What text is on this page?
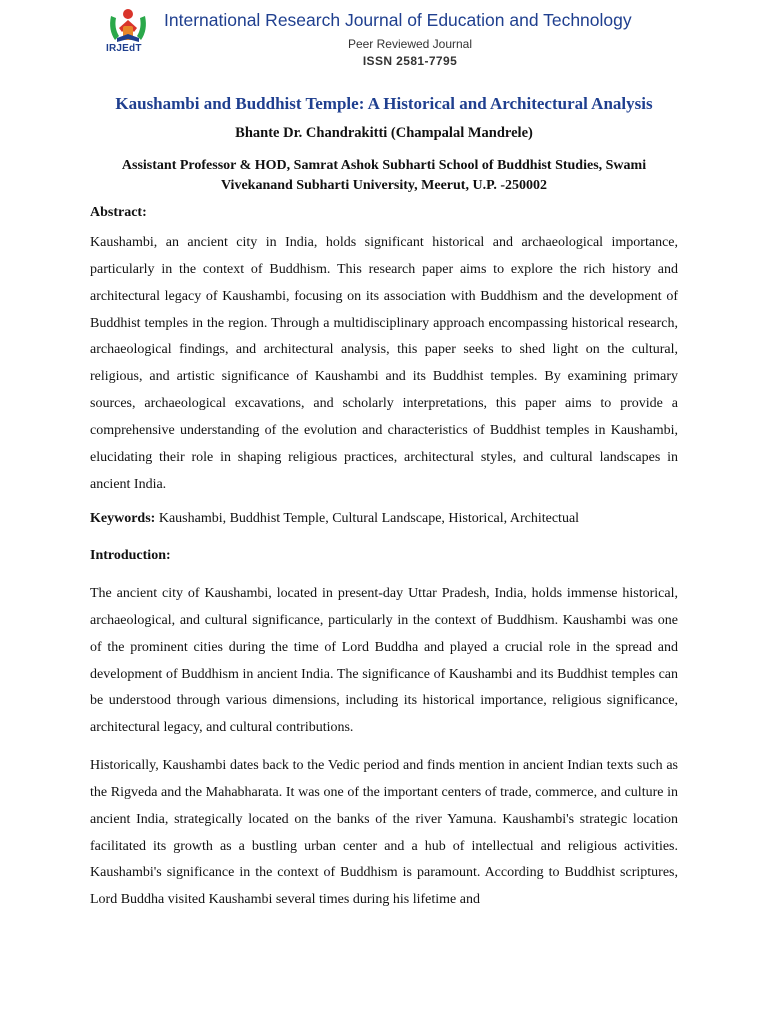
IRJEdT
International Research Journal of Education and Technology
Peer Reviewed Journal
ISSN 2581-7795
Kaushambi and Buddhist Temple: A Historical and Architectural Analysis
Bhante Dr. Chandrakitti (Champalal Mandrele)
Assistant Professor & HOD, Samrat Ashok Subharti School of Buddhist Studies, Swami Vivekanand Subharti University, Meerut, U.P. -250002
Abstract:
Kaushambi, an ancient city in India, holds significant historical and archaeological importance, particularly in the context of Buddhism. This research paper aims to explore the rich history and architectural legacy of Kaushambi, focusing on its association with Buddhism and the development of Buddhist temples in the region. Through a multidisciplinary approach encompassing historical research, archaeological findings, and architectural analysis, this paper seeks to shed light on the cultural, religious, and artistic significance of Kaushambi and its Buddhist temples. By examining primary sources, archaeological excavations, and scholarly interpretations, this paper aims to provide a comprehensive understanding of the evolution and characteristics of Buddhist temples in Kaushambi, elucidating their role in shaping religious practices, architectural styles, and cultural landscapes in ancient India.
Keywords: Kaushambi, Buddhist Temple, Cultural Landscape, Historical, Architectual
Introduction:
The ancient city of Kaushambi, located in present-day Uttar Pradesh, India, holds immense historical, archaeological, and cultural significance, particularly in the context of Buddhism. Kaushambi was one of the prominent cities during the time of Lord Buddha and played a crucial role in the spread and development of Buddhism in ancient India. The significance of Kaushambi and its Buddhist temples can be understood through various dimensions, including its historical importance, religious significance, architectural legacy, and cultural contributions.
Historically, Kaushambi dates back to the Vedic period and finds mention in ancient Indian texts such as the Rigveda and the Mahabharata. It was one of the important centers of trade, commerce, and culture in ancient India, strategically located on the banks of the river Yamuna. Kaushambi's strategic location facilitated its growth as a bustling urban center and a hub of intellectual and religious activities. Kaushambi's significance in the context of Buddhism is paramount. According to Buddhist scriptures, Lord Buddha visited Kaushambi several times during his lifetime and
